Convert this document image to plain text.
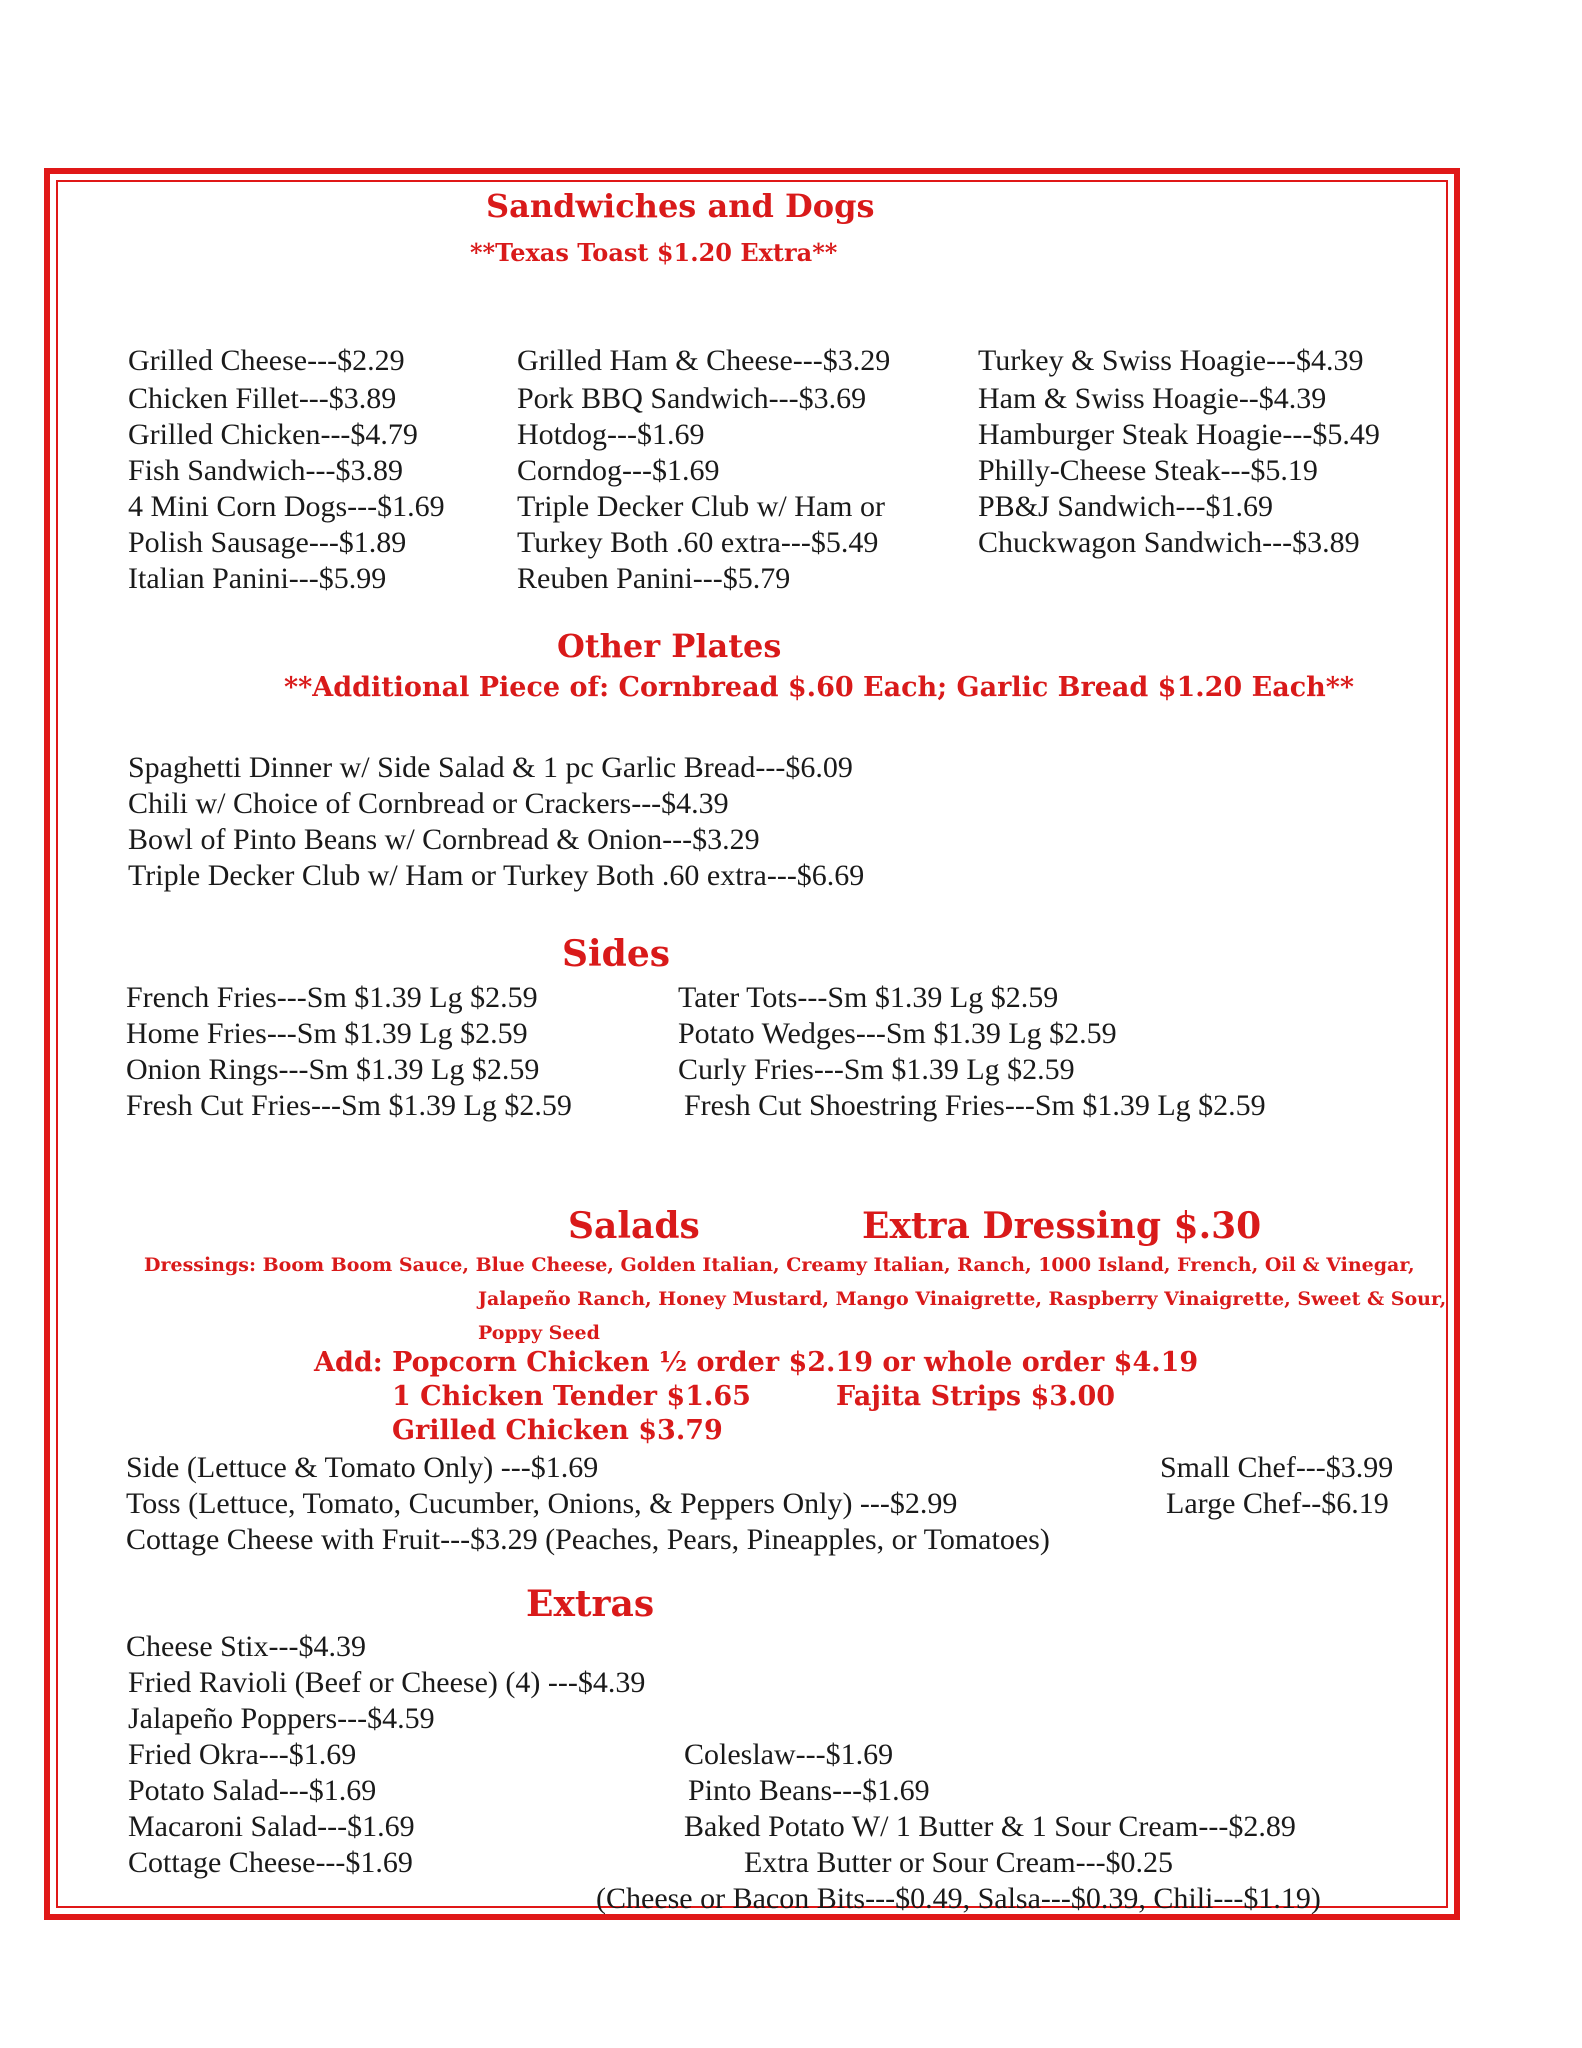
Sandwiches and Dogs
**Texas Toast $1.20 Extra**
Grilled Cheese---$2.29
Chicken Fillet---$3.89
Grilled Chicken---$4.79
Fish Sandwich---$3.89
4 Mini Corn Dogs---$1.69
Polish Sausage---$1.89
Italian Panini---$5.99
Grilled Ham & Cheese---$3.29
Pork BBQ Sandwich---$3.69
Hotdog---$1.69
Corndog---$1.69
Triple Decker Club w/ Ham or
Turkey Both .60 extra---$5.49
Reuben Panini---$5.79
Turkey & Swiss Hoagie---$4.39
Ham & Swiss Hoagie--$4.39
Hamburger Steak Hoagie---$5.49
Philly-Cheese Steak---$5.19
PB&J Sandwich---$1.69
Chuckwagon Sandwich---$3.89
Other Plates
**Additional Piece of: Cornbread $.60 Each; Garlic Bread $1.20 Each**
Spaghetti Dinner w/ Side Salad & 1 pc Garlic Bread---$6.09
Chili w/ Choice of Cornbread or Crackers---$4.39
Bowl of Pinto Beans w/ Cornbread & Onion---$3.29
Triple Decker Club w/ Ham or Turkey Both .60 extra---$6.69
Sides
French Fries---Sm $1.39 Lg $2.59
Home Fries---Sm $1.39 Lg $2.59
Onion Rings---Sm $1.39 Lg $2.59
Fresh Cut Fries---Sm $1.39 Lg $2.59
Tater Tots---Sm $1.39 Lg $2.59
Potato Wedges---Sm $1.39 Lg $2.59
Curly Fries---Sm $1.39 Lg $2.59
Fresh Cut Shoestring Fries---Sm $1.39 Lg $2.59
Salads	Extra Dressing $.30
Dressings: Boom Boom Sauce, Blue Cheese, Golden Italian, Creamy Italian, Ranch, 1000 Island, French, Oil & Vinegar,
Jalapeño Ranch, Honey Mustard, Mango Vinaigrette, Raspberry Vinaigrette, Sweet & Sour,
Poppy Seed
Add: Popcorn Chicken ½ order $2.19 or whole order $4.19
1 Chicken Tender $1.65	Fajita Strips $3.00
Grilled Chicken $3.79
Side (Lettuce & Tomato Only) ---$1.69
Toss (Lettuce, Tomato, Cucumber, Onions, & Peppers Only) ---$2.99
Cottage Cheese with Fruit---$3.29 (Peaches, Pears, Pineapples, or Tomatoes)
Small Chef---$3.99
Large Chef--$6.19
Extras
Cheese Stix---$4.39
Fried Ravioli (Beef or Cheese) (4) ---$4.39
Jalapeño Poppers---$4.59
Fried Okra---$1.69
Potato Salad---$1.69
Macaroni Salad---$1.69
Cottage Cheese---$1.69
Coleslaw---$1.69
Pinto Beans---$1.69
Baked Potato W/ 1 Butter & 1 Sour Cream---$2.89
Extra Butter or Sour Cream---$0.25
(Cheese or Bacon Bits---$0.49, Salsa---$0.39, Chili---$1.19)
